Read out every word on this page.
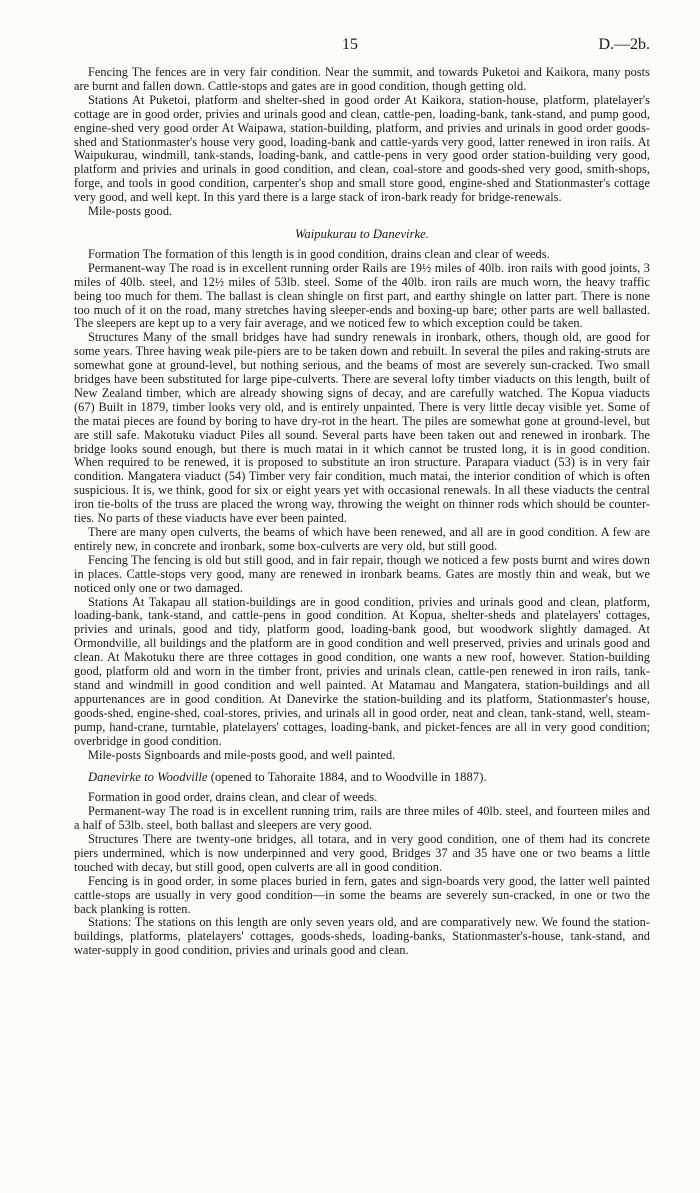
15	D.—2b.

Fencing The fences are in very fair condition. Near the summit, and towards Puketoi and Kaikora, many posts are burnt and fallen down. Cattle-stops and gates are in good condition, though getting old.

Stations At Puketoi, platform and shelter-shed in good order At Kaikora, station-house, platform, platelayer's cottage are in good order, privies and urinals good and clean, cattle-pen, loading-bank, tank-stand, and pump good, engine-shed very good order At Waipawa, station-building, platform, and privies and urinals in good order goods-shed and Stationmaster's house very good, loading-bank and cattle-yards very good, latter renewed in iron rails. At Waipukurau, windmill, tank-stands, loading-bank, and cattle-pens in very good order station-building very good, platform and privies and urinals in good condition, and clean, coal-store and goods-shed very good, smith-shops, forge, and tools in good condition, carpenter's shop and small store good, engine-shed and Stationmaster's cottage very good, and well kept. In this yard there is a large stack of iron-bark ready for bridge-renewals.

Mile-posts good.

Waipukurau to Danevirke.

Formation The formation of this length is in good condition, drains clean and clear of weeds.

Permanent-way The road is in excellent running order Rails are 19½ miles of 40lb. iron rails with good joints, 3 miles of 40lb. steel, and 12½ miles of 53lb. steel. Some of the 40lb. iron rails are much worn, the heavy traffic being too much for them. The ballast is clean shingle on first part, and earthy shingle on latter part. There is none too much of it on the road, many stretches having sleeper-ends and boxing-up bare; other parts are well ballasted. The sleepers are kept up to a very fair average, and we noticed few to which exception could be taken.

Structures Many of the small bridges have had sundry renewals in ironbark, others, though old, are good for some years. Three having weak pile-piers are to be taken down and rebuilt. In several the piles and raking-struts are somewhat gone at ground-level, but nothing serious, and the beams of most are severely sun-cracked. Two small bridges have been substituted for large pipe-culverts. There are several lofty timber viaducts on this length, built of New Zealand timber, which are already showing signs of decay, and are carefully watched. The Kopua viaducts (67) Built in 1879, timber looks very old, and is entirely unpainted. There is very little decay visible yet. Some of the matai pieces are found by boring to have dry-rot in the heart. The piles are somewhat gone at ground-level, but are still safe. Makotuku viaduct Piles all sound. Several parts have been taken out and renewed in ironbark. The bridge looks sound enough, but there is much matai in it which cannot be trusted long, it is in good condition. When required to be renewed, it is proposed to substitute an iron structure. Parapara viaduct (53) is in very fair condition. Mangatera viaduct (54) Timber very fair condition, much matai, the interior condition of which is often suspicious. It is, we think, good for six or eight years yet with occasional renewals. In all these viaducts the central iron tie-bolts of the truss are placed the wrong way, throwing the weight on thinner rods which should be counter-ties. No parts of these viaducts have ever been painted.

There are many open culverts, the beams of which have been renewed, and all are in good condition. A few are entirely new, in concrete and ironbark, some box-culverts are very old, but still good.

Fencing The fencing is old but still good, and in fair repair, though we noticed a few posts burnt and wires down in places. Cattle-stops very good, many are renewed in ironbark beams. Gates are mostly thin and weak, but we noticed only one or two damaged.

Stations At Takapau all station-buildings are in good condition, privies and urinals good and clean, platform, loading-bank, tank-stand, and cattle-pens in good condition. At Kopua, shelter-sheds and platelayers' cottages, privies and urinals, good and tidy, platform good, loading-bank good, but woodwork slightly damaged. At Ormondville, all buildings and the platform are in good condition and well preserved, privies and urinals good and clean. At Makotuku there are three cottages in good condition, one wants a new roof, however. Station-building good, platform old and worn in the timber front, privies and urinals clean, cattle-pen renewed in iron rails, tank-stand and windmill in good condition and well painted. At Matamau and Mangatera, station-buildings and all appurtenances are in good condition. At Danevirke the station-building and its platform, Stationmaster's house, goods-shed, engine-shed, coal-stores, privies, and urinals all in good order, neat and clean, tank-stand, well, steam-pump, hand-crane, turntable, platelayers' cottages, loading-bank, and picket-fences are all in very good condition; overbridge in good condition.

Mile-posts Signboards and mile-posts good, and well painted.

Danevirke to Woodville (opened to Tahoraite 1884, and to Woodville in 1887).

Formation in good order, drains clean, and clear of weeds.

Permanent-way The road is in excellent running trim, rails are three miles of 40lb. steel, and fourteen miles and a half of 53lb. steel, both ballast and sleepers are very good.

Structures There are twenty-one bridges, all totara, and in very good condition, one of them had its concrete piers undermined, which is now underpinned and very good, Bridges 37 and 35 have one or two beams a little touched with decay, but still good, open culverts are all in good condition.

Fencing is in good order, in some places buried in fern, gates and sign-boards very good, the latter well painted cattle-stops are usually in very good condition—in some the beams are severely sun-cracked, in one or two the back planking is rotten.

Stations: The stations on this length are only seven years old, and are comparatively new. We found the station-buildings, platforms, platelayers' cottages, goods-sheds, loading-banks, Stationmaster's-house, tank-stand, and water-supply in good condition, privies and urinals good and clean.
